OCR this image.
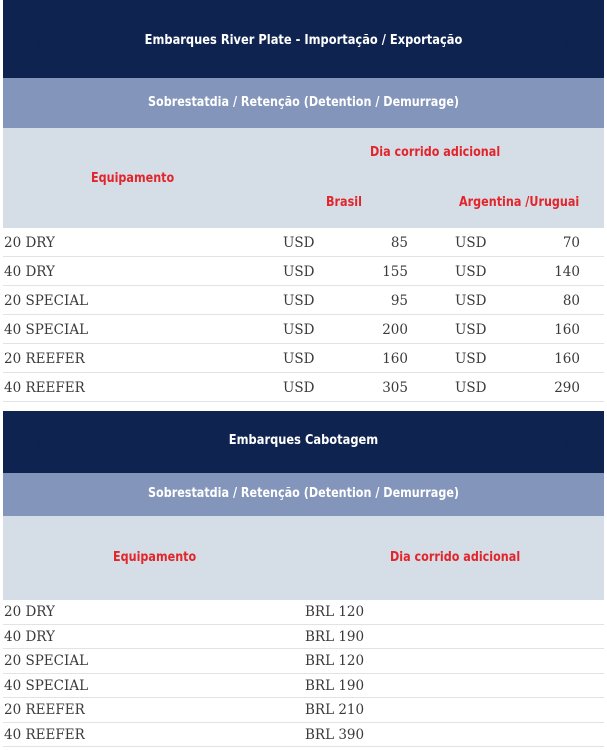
Embarques River Plate - Importação / Exportação
Sobrestatdia / Retenção (Detention / Demurrage)
Equipamento
Dia corrido adicional
Brasil	Argentina /Uruguai
20 DRY	USD	85	USD	70
40 DRY	USD	155	USD	140
20 SPECIAL	USD	95	USD	80
40 SPECIAL	USD	200	USD	160
20 REEFER	USD	160	USD	160
40 REEFER	USD	305	USD	290
Embarques Cabotagem
Sobrestatdia / Retenção (Detention / Demurrage)
Equipamento	Dia corrido adicional
20 DRY	BRL 120
40 DRY	BRL 190
20 SPECIAL	BRL 120
40 SPECIAL	BRL 190
20 REEFER	BRL 210
40 REEFER	BRL 390
